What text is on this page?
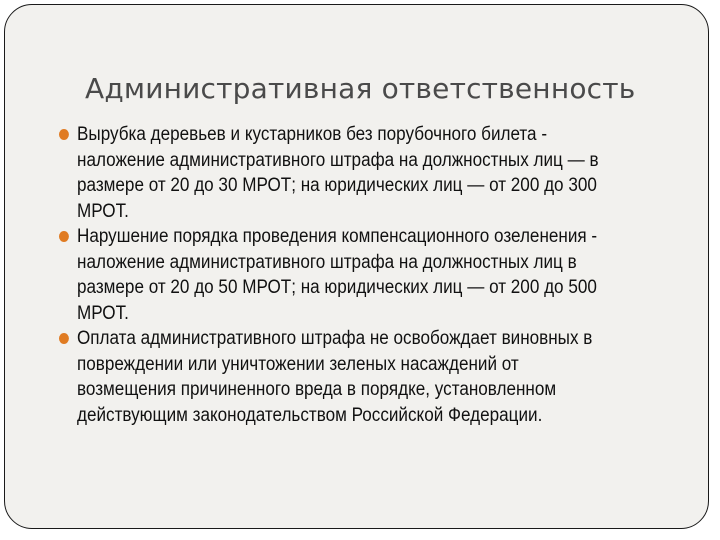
Административная ответственность
Вырубка деревьев и кустарников без порубочного билета -
наложение административного штрафа на должностных лиц — в
размере от 20 до 30 МРОТ; на юридических лиц — от 200 до 300
МРОТ.
Нарушение порядка проведения компенсационного озеленения -
наложение административного штрафа на должностных лиц в
размере от 20 до 50 МРОТ; на юридических лиц — от 200 до 500
МРОТ.
Оплата административного штрафа не освобождает виновных в
повреждении или уничтожении зеленых насаждений от
возмещения причиненного вреда в порядке, установленном
действующим законодательством Российской Федерации.
